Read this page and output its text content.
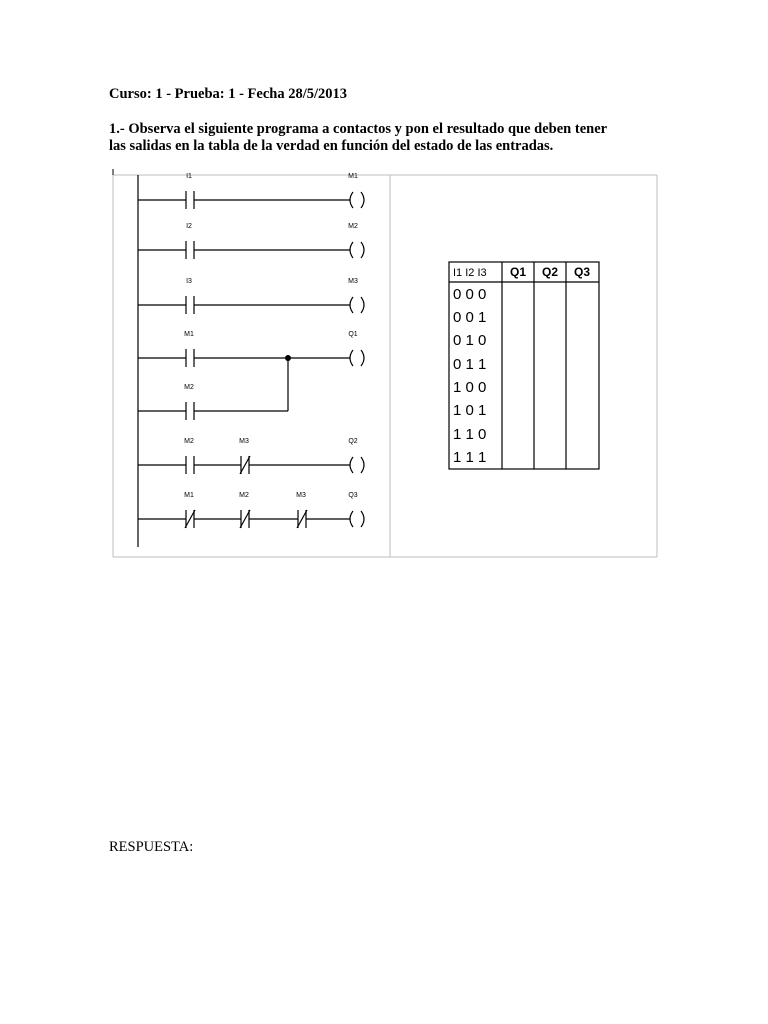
Curso: 1 - Prueba: 1 - Fecha 28/5/2013
1.- Observa el siguiente programa a contactos y pon el resultado que deben tener
las salidas en la tabla de la verdad en función del estado de las entradas.
I1	M1
I2	M2
I3	M3
M1	Q1
M2
M2	M3	Q2
M1	M2	M3	Q3
I1 I2 I3 Q1 Q2 Q3
0 0 0
0 0 1
0 1 0
0 1 1
1 0 0
1 0 1
1 1 0
1 1 1
RESPUESTA:
